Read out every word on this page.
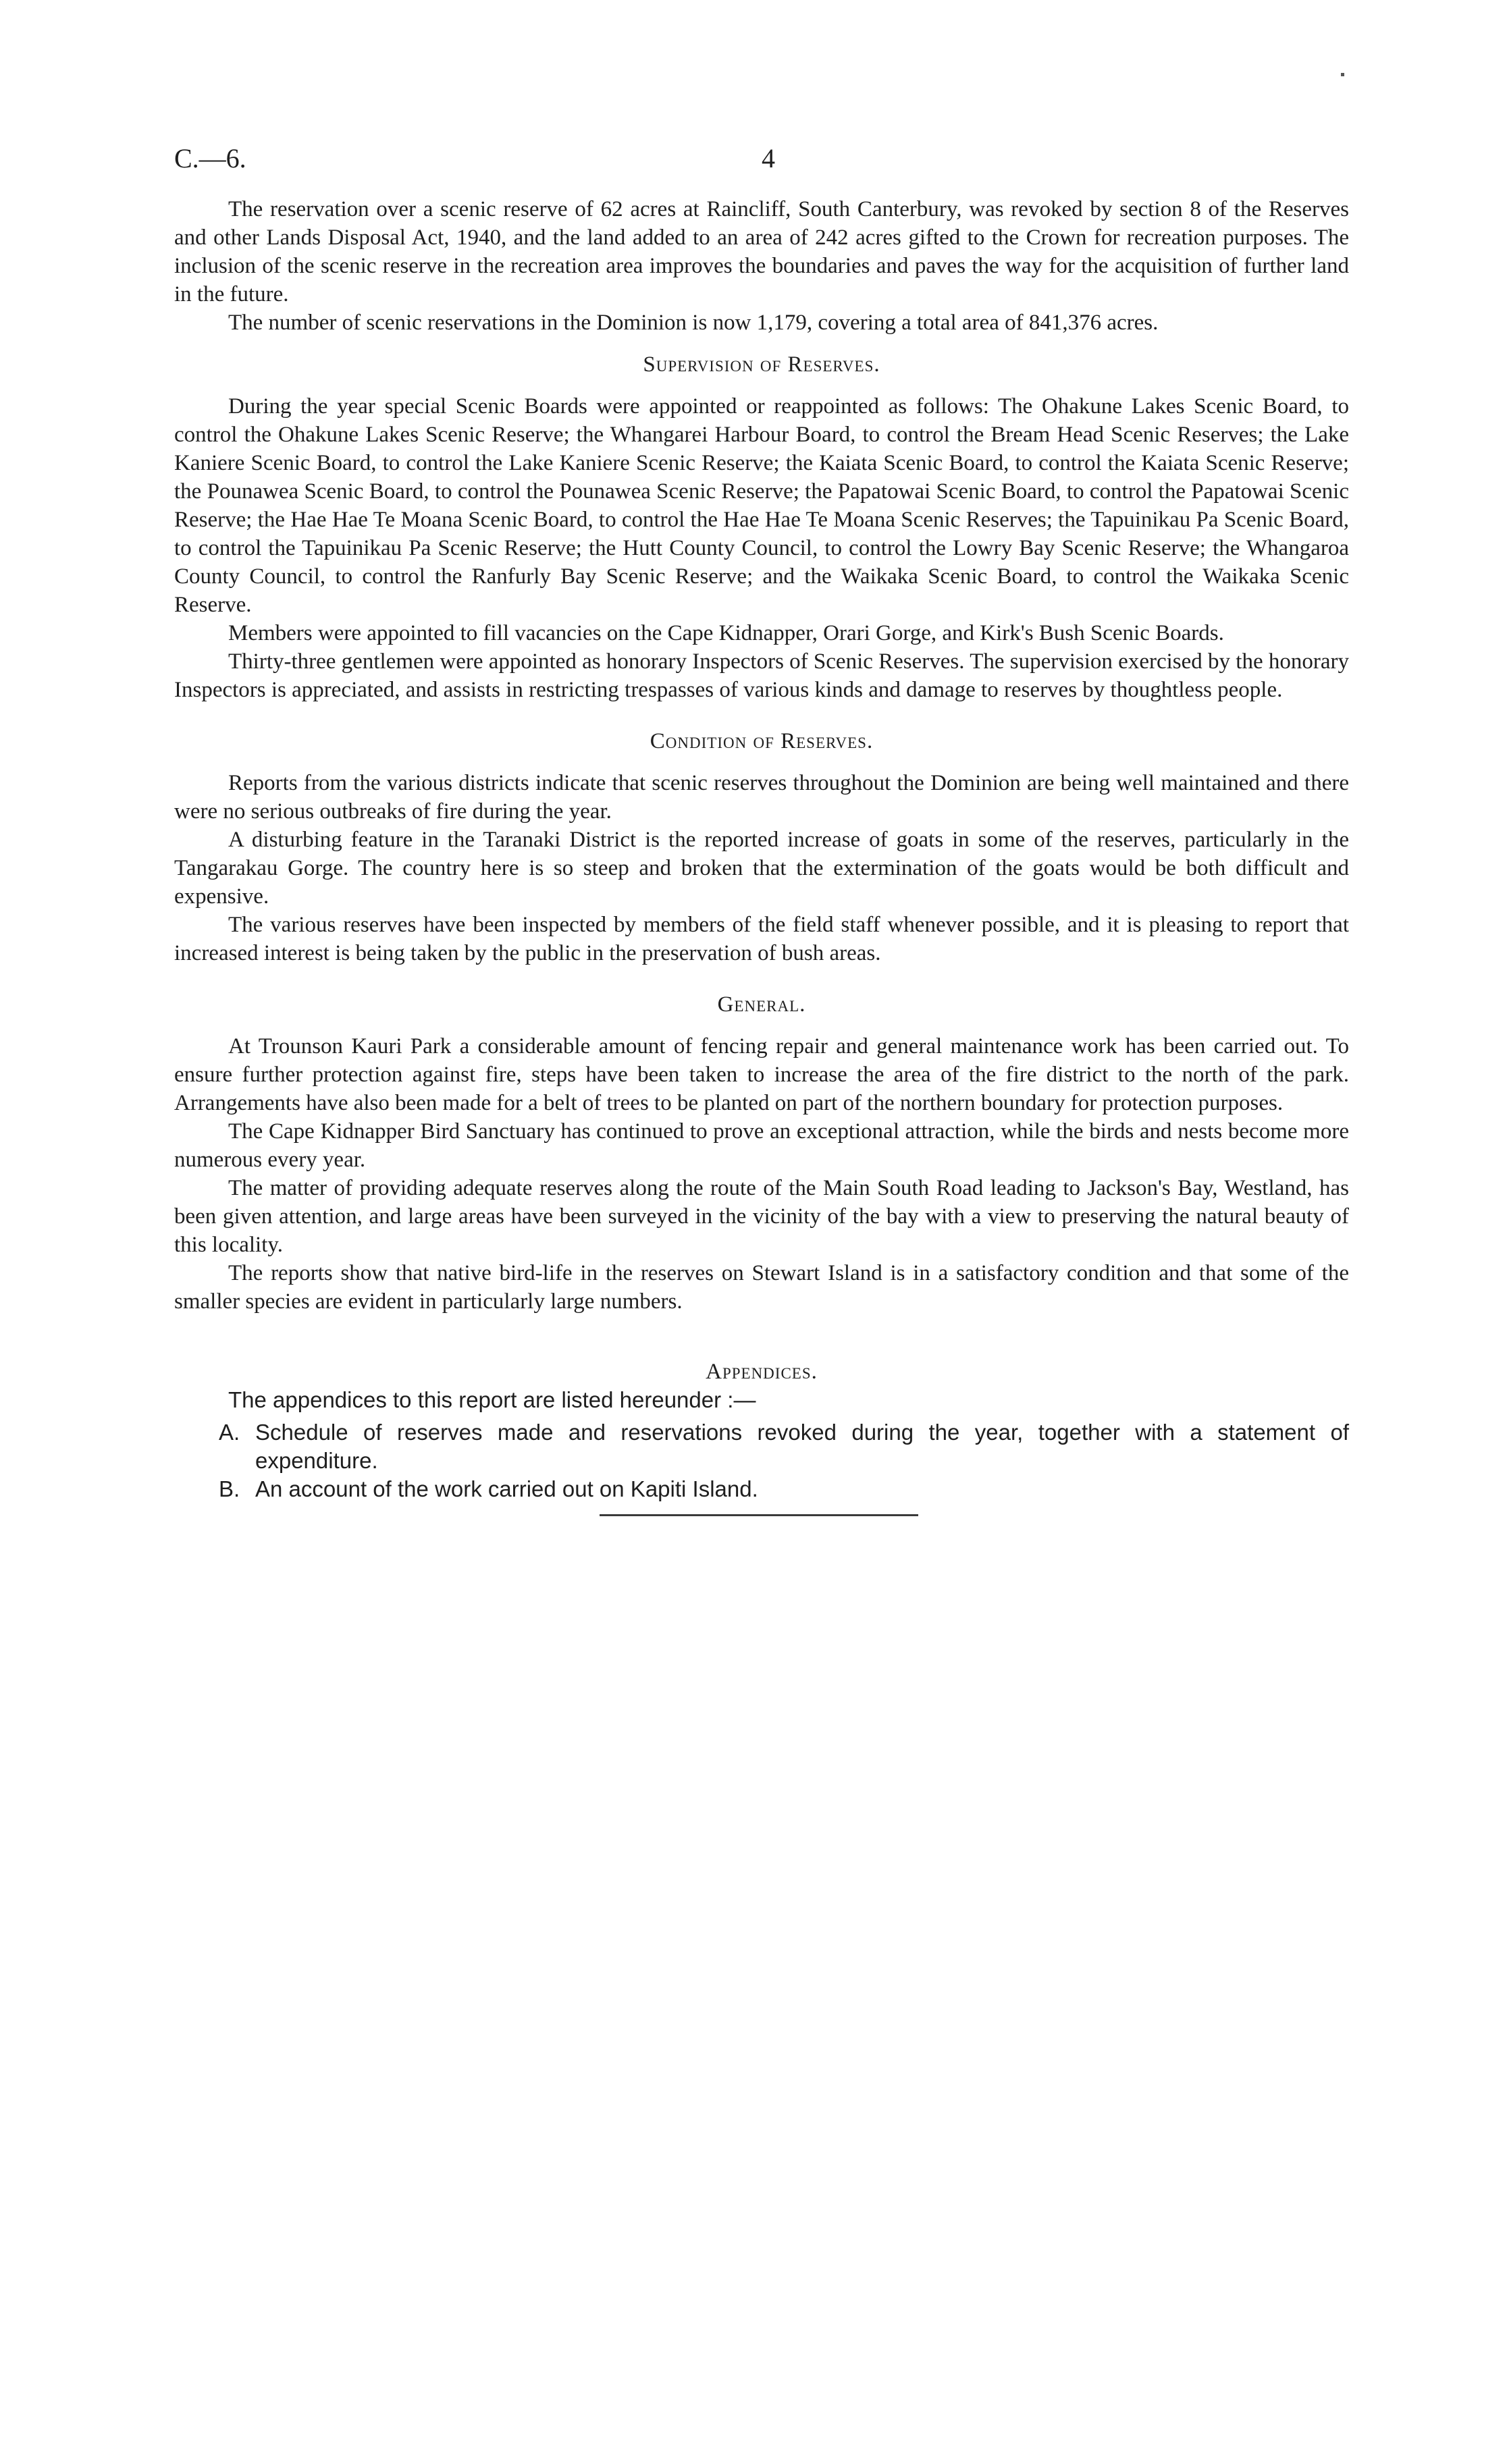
C.—6.	4

The reservation over a scenic reserve of 62 acres at Raincliff, South Canterbury, was revoked by section 8 of the Reserves and other Lands Disposal Act, 1940, and the land added to an area of 242 acres gifted to the Crown for recreation purposes. The inclusion of the scenic reserve in the recreation area improves the boundaries and paves the way for the acquisition of further land in the future.

The number of scenic reservations in the Dominion is now 1,179, covering a total area of 841,376 acres.

Supervision of Reserves.

During the year special Scenic Boards were appointed or reappointed as follows: The Ohakune Lakes Scenic Board, to control the Ohakune Lakes Scenic Reserve; the Whangarei Harbour Board, to control the Bream Head Scenic Reserves; the Lake Kaniere Scenic Board, to control the Lake Kaniere Scenic Reserve; the Kaiata Scenic Board, to control the Kaiata Scenic Reserve; the Pounawea Scenic Board, to control the Pounawea Scenic Reserve; the Papatowai Scenic Board, to control the Papatowai Scenic Reserve; the Hae Hae Te Moana Scenic Board, to control the Hae Hae Te Moana Scenic Reserves; the Tapuinikau Pa Scenic Board, to control the Tapuinikau Pa Scenic Reserve; the Hutt County Council, to control the Lowry Bay Scenic Reserve; the Whangaroa County Council, to control the Ranfurly Bay Scenic Reserve; and the Waikaka Scenic Board, to control the Waikaka Scenic Reserve.

Members were appointed to fill vacancies on the Cape Kidnapper, Orari Gorge, and Kirk's Bush Scenic Boards.

Thirty-three gentlemen were appointed as honorary Inspectors of Scenic Reserves. The supervision exercised by the honorary Inspectors is appreciated, and assists in restricting trespasses of various kinds and damage to reserves by thoughtless people.

Condition of Reserves.

Reports from the various districts indicate that scenic reserves throughout the Dominion are being well maintained and there were no serious outbreaks of fire during the year.

A disturbing feature in the Taranaki District is the reported increase of goats in some of the reserves, particularly in the Tangarakau Gorge. The country here is so steep and broken that the extermination of the goats would be both difficult and expensive.

The various reserves have been inspected by members of the field staff whenever possible, and it is pleasing to report that increased interest is being taken by the public in the preservation of bush areas.

General.

At Trounson Kauri Park a considerable amount of fencing repair and general maintenance work has been carried out. To ensure further protection against fire, steps have been taken to increase the area of the fire district to the north of the park. Arrangements have also been made for a belt of trees to be planted on part of the northern boundary for protection purposes.

The Cape Kidnapper Bird Sanctuary has continued to prove an exceptional attraction, while the birds and nests become more numerous every year.

The matter of providing adequate reserves along the route of the Main South Road leading to Jackson's Bay, Westland, has been given attention, and large areas have been surveyed in the vicinity of the bay with a view to preserving the natural beauty of this locality.

The reports show that native bird-life in the reserves on Stewart Island is in a satisfactory condition and that some of the smaller species are evident in particularly large numbers.

Appendices.

The appendices to this report are listed hereunder :—

A. Schedule of reserves made and reservations revoked during the year, together with a statement of expenditure.
B. An account of the work carried out on Kapiti Island.
